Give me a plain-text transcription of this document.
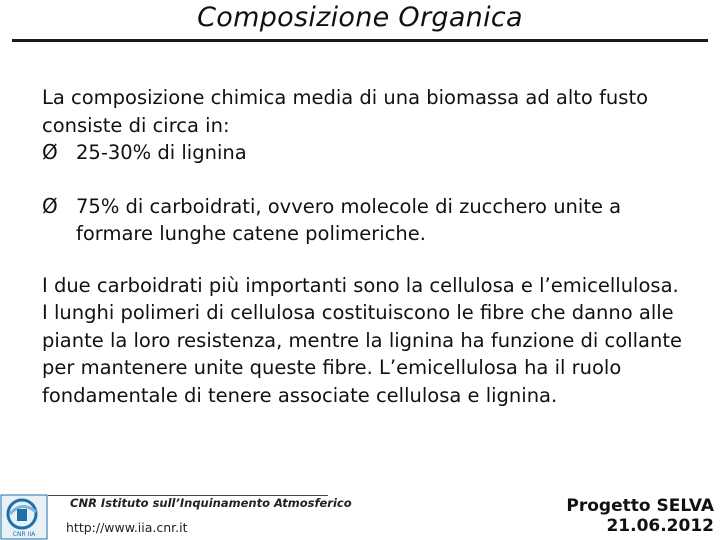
Composizione Organica

La composizione chimica media di una biomassa ad alto fusto consiste di circa in:

Ø 25-30% di lignina

Ø 75% di carboidrati, ovvero molecole di zucchero unite a formare lunghe catene polimeriche.

I due carboidrati più importanti sono la cellulosa e l’emicellulosa.

I lunghi polimeri di cellulosa costituiscono le fibre che danno alle piante la loro resistenza, mentre la lignina ha funzione di collante per mantenere unite queste fibre. L’emicellulosa ha il ruolo fondamentale di tenere associate cellulosa e lignina.

CNR IIA
CNR Istituto sull’Inquinamento Atmosferico
http://www.iia.cnr.it
Progetto SELVA
21.06.2012
